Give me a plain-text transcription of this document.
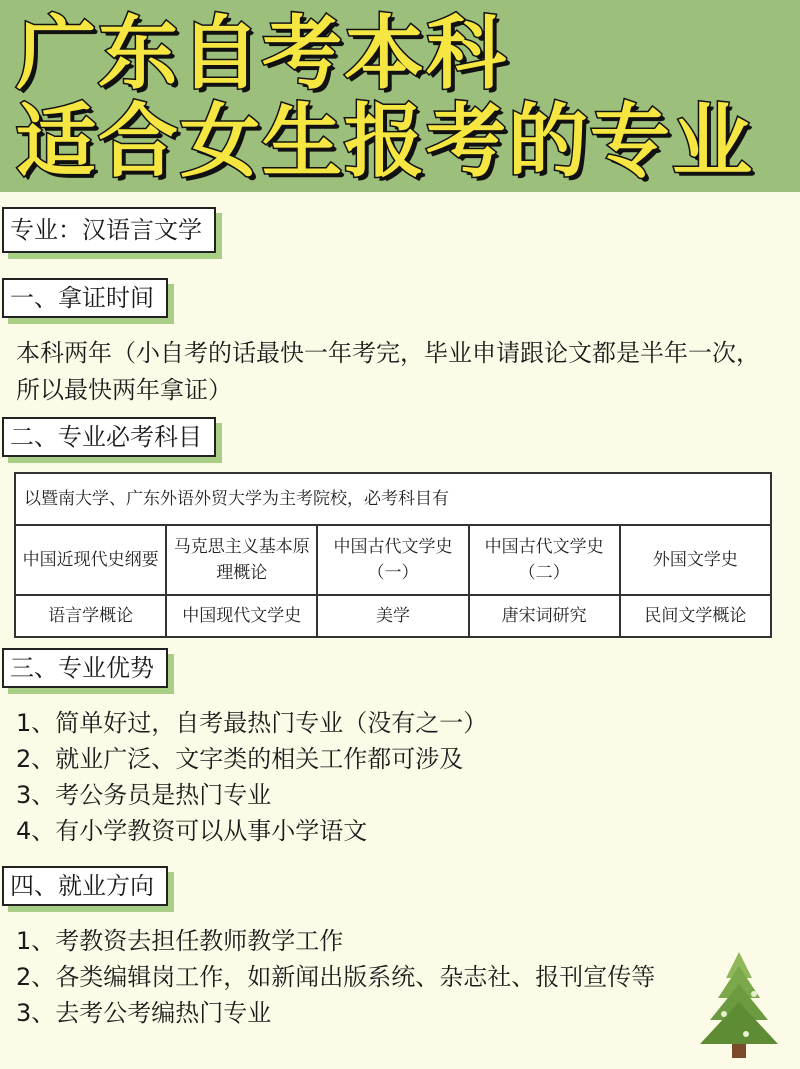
广东自考本科
适合女生报考的专业
专业：汉语言文学
一、拿证时间
本科两年（小自考的话最快一年考完，毕业申请跟论文都是半年一次，所以最快两年拿证）
二、专业必考科目
以暨南大学、广东外语外贸大学为主考院校，必考科目有				
中国近现代史纲要	马克思主义基本原理概论	中国古代文学史（一）	中国古代文学史（二）	外国文学史
语言学概论	中国现代文学史	美学	唐宋词研究	民间文学概论
三、专业优势
1、简单好过，自考最热门专业（没有之一）
2、就业广泛、文字类的相关工作都可涉及
3、考公务员是热门专业
4、有小学教资可以从事小学语文
四、就业方向
1、考教资去担任教师教学工作
2、各类编辑岗工作，如新闻出版系统、杂志社、报刊宣传等
3、去考公考编热门专业
